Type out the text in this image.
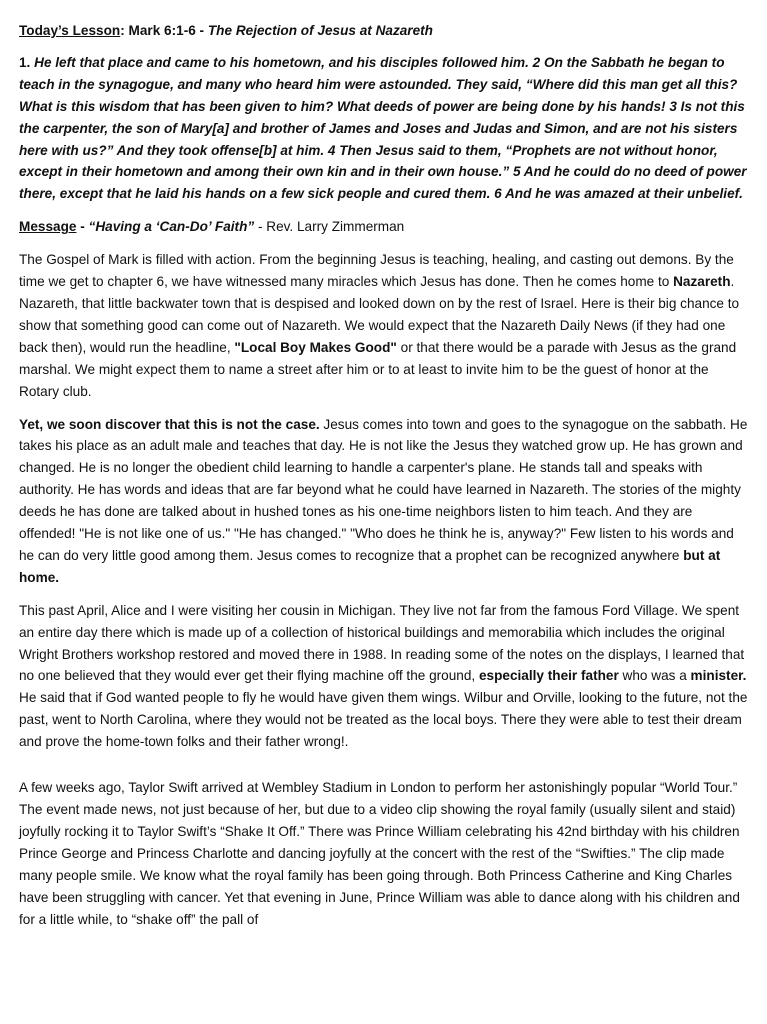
Today’s Lesson: Mark 6:1-6 - The Rejection of Jesus at Nazareth

1. He left that place and came to his hometown, and his disciples followed him. 2 On the Sabbath he began to teach in the synagogue, and many who heard him were astounded. They said, “Where did this man get all this? What is this wisdom that has been given to him? What deeds of power are being done by his hands! 3 Is not this the carpenter, the son of Mary[a] and brother of James and Joses and Judas and Simon, and are not his sisters here with us?” And they took offense[b] at him. 4 Then Jesus said to them, “Prophets are not without honor, except in their hometown and among their own kin and in their own house.” 5 And he could do no deed of power there, except that he laid his hands on a few sick people and cured them. 6 And he was amazed at their unbelief.

Message - “Having a ‘Can-Do’ Faith” - Rev. Larry Zimmerman

The Gospel of Mark is filled with action. From the beginning Jesus is teaching, healing, and casting out demons. By the time we get to chapter 6, we have witnessed many miracles which Jesus has done. Then he comes home to Nazareth. Nazareth, that little backwater town that is despised and looked down on by the rest of Israel. Here is their big chance to show that something good can come out of Nazareth. We would expect that the Nazareth Daily News (if they had one back then), would run the headline, "Local Boy Makes Good" or that there would be a parade with Jesus as the grand marshal. We might expect them to name a street after him or to at least to invite him to be the guest of honor at the Rotary club.

Yet, we soon discover that this is not the case. Jesus comes into town and goes to the synagogue on the sabbath. He takes his place as an adult male and teaches that day. He is not like the Jesus they watched grow up. He has grown and changed. He is no longer the obedient child learning to handle a carpenter's plane. He stands tall and speaks with authority. He has words and ideas that are far beyond what he could have learned in Nazareth. The stories of the mighty deeds he has done are talked about in hushed tones as his one-time neighbors listen to him teach. And they are offended! "He is not like one of us." "He has changed." "Who does he think he is, anyway?" Few listen to his words and he can do very little good among them. Jesus comes to recognize that a prophet can be recognized anywhere but at home.

This past April, Alice and I were visiting her cousin in Michigan. They live not far from the famous Ford Village. We spent an entire day there which is made up of a collection of historical buildings and memorabilia which includes the original Wright Brothers workshop restored and moved there in 1988. In reading some of the notes on the displays, I learned that no one believed that they would ever get their flying machine off the ground, especially their father who was a minister. He said that if God wanted people to fly he would have given them wings. Wilbur and Orville, looking to the future, not the past, went to North Carolina, where they would not be treated as the local boys. There they were able to test their dream and prove the home-town folks and their father wrong!.

A few weeks ago, Taylor Swift arrived at Wembley Stadium in London to perform her astonishingly popular “World Tour.” The event made news, not just because of her, but due to a video clip showing the royal family (usually silent and staid) joyfully rocking it to Taylor Swift’s “Shake It Off.” There was Prince William celebrating his 42nd birthday with his children Prince George and Princess Charlotte and dancing joyfully at the concert with the rest of the “Swifties.” The clip made many people smile. We know what the royal family has been going through. Both Princess Catherine and King Charles have been struggling with cancer. Yet that evening in June, Prince William was able to dance along with his children and for a little while, to “shake off” the pall of
